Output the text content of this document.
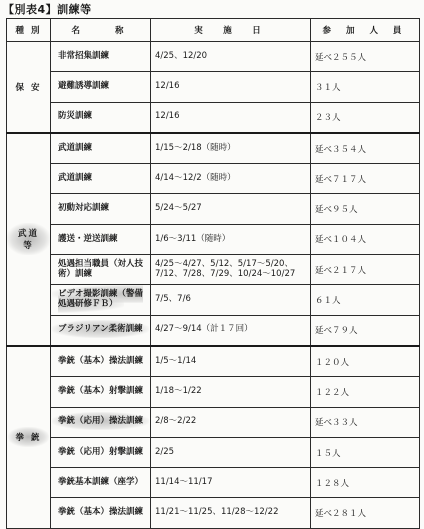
【別表4】訓練等
種 別	名　　称	実　施　日	参 加 人 員
保 安	非常招集訓練	4/25、12/20	延べ２５５人
	避難誘導訓練	12/16	３１人
	防災訓練	12/16	２３人
武道等	武道訓練	1/15～2/18（随時）	延べ３５４人
	武道訓練	4/14～12/2（随時）	延べ７１７人
	初動対応訓練	5/24～5/27	延べ９５人
	護送・逆送訓練	1/6～3/11（随時）	延べ１０４人
	処遇担当職員（対人技術）訓練	4/25～4/27、5/12、5/17～5/20、7/12、7/28、7/29、10/24～10/27	延べ２１７人
	ビデオ撮影訓練（警備処遇研修ＦＢ）	7/5、7/6	６１人
	ブラジリアン柔術訓練	4/27～9/14（計１７回）	延べ７９人
拳 銃	拳銃（基本）操法訓練	1/5～1/14	１２０人
	拳銃（基本）射撃訓練	1/18～1/22	１２２人
	拳銃（応用）操法訓練	2/8～2/22	延べ３３人
	拳銃（応用）射撃訓練	2/25	１５人
	拳銃基本訓練（座学）	11/14～11/17	１２８人
	拳銃（基本）操法訓練	11/21～11/25、11/28～12/22	延べ２８１人
